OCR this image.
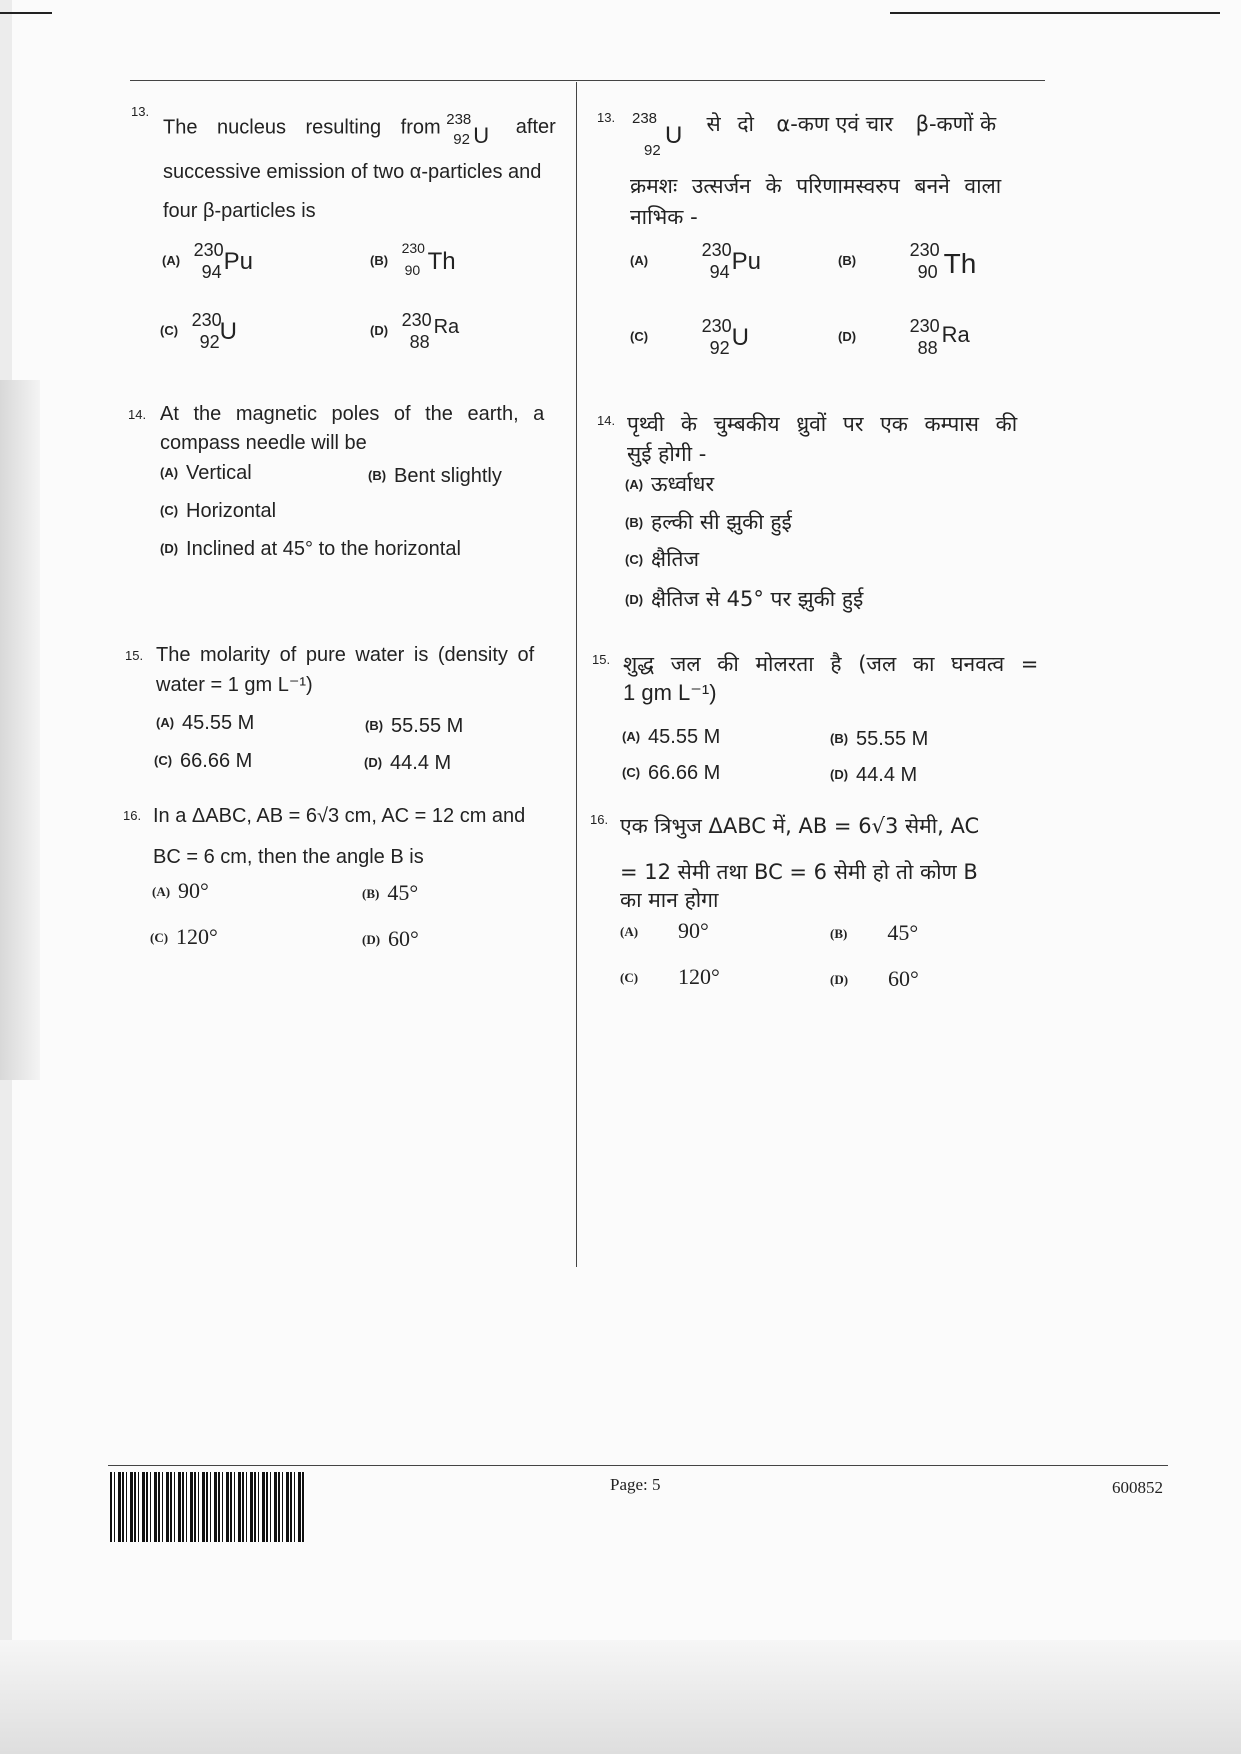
13.
The nucleus resulting from 238
92 U after
successive emission of two α-particles and
four β-particles is
(A)
230
94 Pu	(B)
230
90 Th
(C)
230
92 U	(D)
230
88
Ra
13. 238
92
U से दो α-कण एवं चार β-कणों के
क्रमशः उत्सर्जन के परिणामस्वरुप बनने वाला
नाभिक -
(A)
230
94 Pu	(B)
230
90 Th
(C)
230
92 U	(D)
230
88
Ra
14. At the magnetic poles of the earth, a
compass needle will be
(A) Vertical	(B) Bent slightly
(C) Horizontal
(D) Inclined at 45° to the horizontal
14. पृथ्वी के चुम्बकीय ध्रुवों पर एक कम्पास की
सुई होगी -
(A) ऊर्ध्वाधर
(B) हल्की सी झुकी हुई
(C) क्षैतिज
(D) क्षैतिज से 45° पर झुकी हुई
15. The molarity of pure water is (density of
water = 1 gm L⁻¹)
(A) 45.55 M	(B) 55.55 M
(C) 66.66 M	(D) 44.4 M
15. शुद्ध जल की मोलरता है (जल का घनवत्व =
1 gm L⁻¹)
(A) 45.55 M	(B) 55.55 M
(C) 66.66 M	(D) 44.4 M
16. In a ΔABC, AB = 6√3 cm, AC = 12 cm and
BC = 6 cm, then the angle B is
(A) 90°	(B) 45°
(C) 120°	(D) 60°
16. एक त्रिभुज ΔABC में, AB = 6√3 सेमी, AC
= 12 सेमी तथा BC = 6 सेमी हो तो कोण B
का मान होगा
(A) 90°	(B) 45°
(C) 120°	(D) 60°
Page: 5	600852
